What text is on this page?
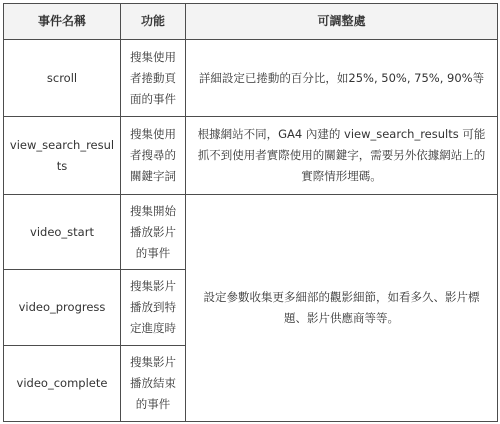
事件名稱	功能	可調整處
scroll	搜集使用者捲動頁面的事件	詳細設定已捲動的百分比，如25%, 50%, 75%, 90%等
view_search_results	搜集使用者搜尋的關鍵字詞	根據網站不同，GA4 內建的 view_search_results 可能抓不到使用者實際使用的關鍵字，需要另外依據網站上的實際情形埋碼。
video_start	搜集開始播放影片的事件	設定參數收集更多細部的觀影細節，如看多久、影片標題、影片供應商等等。
video_progress	搜集影片播放到特定進度時	
video_complete	搜集影片播放結束的事件	
